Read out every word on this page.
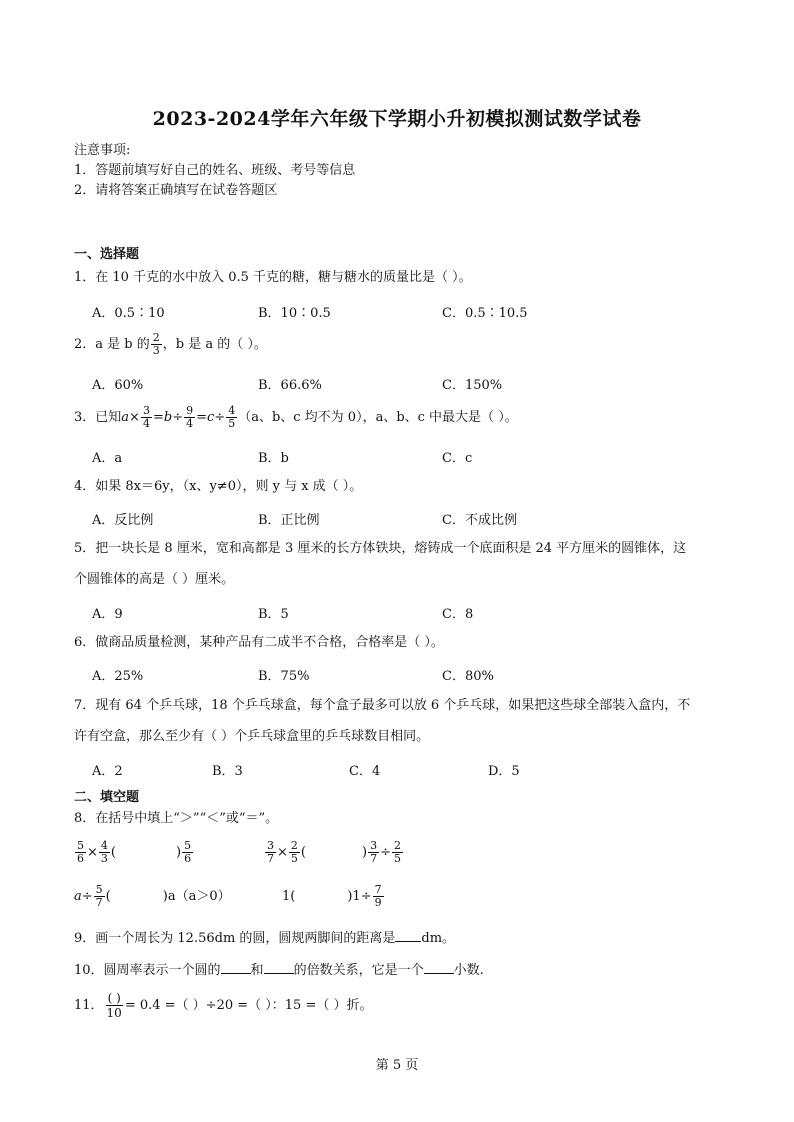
2023-2024学年六年级下学期小升初模拟测试数学试卷
注意事项:
1．答题前填写好自己的姓名、班级、考号等信息
2．请将答案正确填写在试卷答题区
一、选择题
1．在 10 千克的水中放入 0.5 千克的糖，糖与糖水的质量比是（ ）。
A．0.5∶10	B．10∶0.5	C．0.5∶10.5
2．a 是 b 的 $\frac{2}{3}$ ，b 是 a 的（ ）。
A．60%	B．66.6%	C．150%
3．已知$a\times \frac{3}{4} =b\div \frac{9}{4} =c\div \frac{4}{5} (a$、b、c 均不为 0），a、b、c 中最大是（ ）。
A．a	B．b	C．c
4．如果 8x＝6y，（x、y≠0），则 y 与 x 成（ ）。
A．反比例	B．正比例	C．不成比例
5．把一块长是 8 厘米，宽和高都是 3 厘米的长方体铁块，熔铸成一个底面积是 24 平方厘米的圆锥体，这
个圆锥体的高是（ ）厘米。
A．9	B．5	C．8
6．做商品质量检测，某种产品有二成半不合格，合格率是（ ）。
A．25%	B．75%	C．80%
7．现有 64 个乒乓球，18 个乒乓球盒，每个盒子最多可以放 6 个乒乓球，如果把这些球全部装入盒内，不
许有空盒，那么至少有（ ）个乒乓球盒里的乒乓球数目相同。
A．2	B．3	C．4	D．5
二、填空题
8．在括号中填上“＞”“＜”或“＝”。
$\frac{5}{6} \times \frac{4}{3}$ (	) $\frac{5}{6}$	$\frac{3}{7} \times \frac{2}{5}$ (	) $\frac{3}{7} \div \frac{2}{5}$
$a\div \frac{5}{7}$ (	)a（a＞0）	1(	)$1\div \frac{7}{9}$
9．画一个周长为 12.56dm 的圆，圆规两脚间的距离是 dm。
10．圆周率表示一个圆的 和 的倍数关系，它是一个 小数.
11． $\frac{( )}{10} = 0.4$ =（ ）÷20 =（ ）：15 =（ ）折。
第 5 页
